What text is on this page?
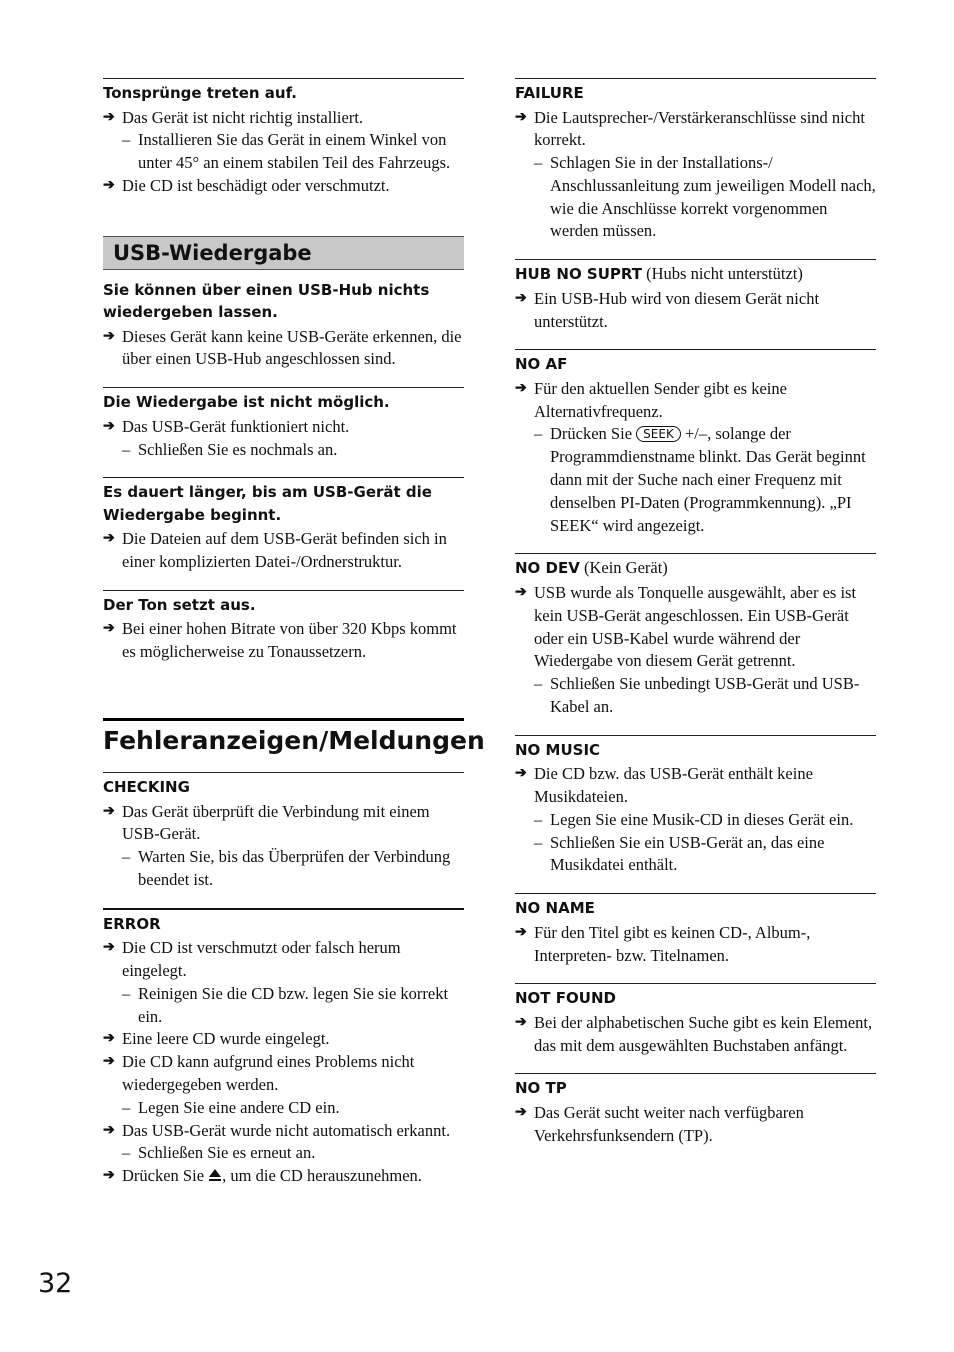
Tonsprünge treten auf.

➔ Das Gerät ist nicht richtig installiert.
– Installieren Sie das Gerät in einem Winkel von unter 45° an einem stabilen Teil des Fahrzeugs.
➔ Die CD ist beschädigt oder verschmutzt.
USB-Wiedergabe

Sie können über einen USB-Hub nichts wiedergeben lassen.

➔ Dieses Gerät kann keine USB-Geräte erkennen, die über einen USB-Hub angeschlossen sind.

Die Wiedergabe ist nicht möglich.

➔ Das USB-Gerät funktioniert nicht.
– Schließen Sie es nochmals an.

Es dauert länger, bis am USB-Gerät die Wiedergabe beginnt.

➔ Die Dateien auf dem USB-Gerät befinden sich in einer komplizierten Datei-/Ordnerstruktur.

Der Ton setzt aus.

➔ Bei einer hohen Bitrate von über 320 Kbps kommt es möglicherweise zu Tonaussetzern.
Fehleranzeigen/Meldungen

CHECKING

➔ Das Gerät überprüft die Verbindung mit einem USB-Gerät.
– Warten Sie, bis das Überprüfen der Verbindung beendet ist.

ERROR

➔ Die CD ist verschmutzt oder falsch herum eingelegt.
– Reinigen Sie die CD bzw. legen Sie sie korrekt ein.
➔ Eine leere CD wurde eingelegt.
➔ Die CD kann aufgrund eines Problems nicht wiedergegeben werden.
– Legen Sie eine andere CD ein.
➔ Das USB-Gerät wurde nicht automatisch erkannt.
– Schließen Sie es erneut an.
➔ Drücken Sie , um die CD herauszunehmen.

FAILURE

➔ Die Lautsprecher-/Verstärkeranschlüsse sind nicht korrekt.
– Schlagen Sie in der Installations-/ Anschlussanleitung zum jeweiligen Modell nach, wie die Anschlüsse korrekt vorgenommen werden müssen.

HUB NO SUPRT (Hubs nicht unterstützt)

➔ Ein USB-Hub wird von diesem Gerät nicht unterstützt.

NO AF

➔ Für den aktuellen Sender gibt es keine Alternativfrequenz.
– Drücken Sie SEEK +/–, solange der Programmdienstname blinkt. Das Gerät beginnt dann mit der Suche nach einer Frequenz mit denselben PI-Daten (Programmkennung). „PI SEEK“ wird angezeigt.

NO DEV (Kein Gerät)

➔ USB wurde als Tonquelle ausgewählt, aber es ist kein USB-Gerät angeschlossen. Ein USB-Gerät oder ein USB-Kabel wurde während der Wiedergabe von diesem Gerät getrennt.
– Schließen Sie unbedingt USB-Gerät und USB-Kabel an.

NO MUSIC

➔ Die CD bzw. das USB-Gerät enthält keine Musikdateien.
– Legen Sie eine Musik-CD in dieses Gerät ein.
– Schließen Sie ein USB-Gerät an, das eine Musikdatei enthält.

NO NAME

➔ Für den Titel gibt es keinen CD-, Album-, Interpreten- bzw. Titelnamen.

NOT FOUND

➔ Bei der alphabetischen Suche gibt es kein Element, das mit dem ausgewählten Buchstaben anfängt.

NO TP

➔ Das Gerät sucht weiter nach verfügbaren Verkehrsfunksendern (TP).
32
